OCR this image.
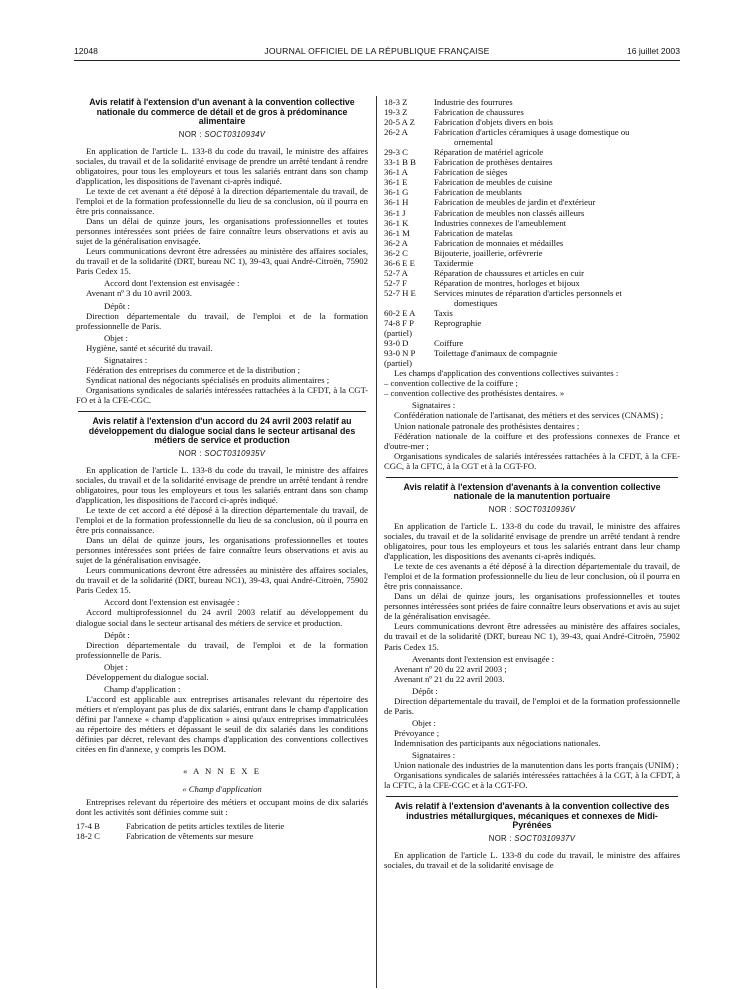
12048	JOURNAL OFFICIEL DE LA RÉPUBLIQUE FRANÇAISE	16 juillet 2003
Avis relatif à l'extension d'un avenant à la convention collective nationale du commerce de détail et de gros à prédominance alimentaire
NOR : SOCT0310934V

En application de l'article L. 133-8 du code du travail, le ministre des affaires sociales, du travail et de la solidarité envisage de prendre un arrêté tendant à rendre obligatoires, pour tous les employeurs et tous les salariés entrant dans son champ d'application, les dispositions de l'avenant ci-après indiqué.

Le texte de cet avenant a été déposé à la direction départementale du travail, de l'emploi et de la formation professionnelle du lieu de sa conclusion, où il pourra en être pris connaissance.

Dans un délai de quinze jours, les organisations professionnelles et toutes personnes intéressées sont priées de faire connaître leurs observations et avis au sujet de la généralisation envisagée.

Leurs communications devront être adressées au ministère des affaires sociales, du travail et de la solidarité (DRT, bureau NC 1), 39-43, quai André-Citroën, 75902 Paris Cedex 15.

Accord dont l'extension est envisagée :

Avenant nº 3 du 10 avril 2003.

Dépôt :

Direction départementale du travail, de l'emploi et de la formation professionnelle de Paris.

Objet :

Hygiène, santé et sécurité du travail.

Signataires :

Fédération des entreprises du commerce et de la distribution ;

Syndicat national des négociants spécialisés en produits alimentaires ;

Organisations syndicales de salariés intéressées rattachées à la CFDT, à la CGT-FO et à la CFE-CGC.

Avis relatif à l'extension d'un accord du 24 avril 2003 relatif au développement du dialogue social dans le secteur artisanal des métiers de service et production
NOR : SOCT0310935V

En application de l'article L. 133-8 du code du travail, le ministre des affaires sociales, du travail et de la solidarité envisage de prendre un arrêté tendant à rendre obligatoires, pour tous les employeurs et tous les salariés entrant dans son champ d'application, les dispositions de l'accord ci-après indiqué.

Le texte de cet accord a été déposé à la direction départementale du travail, de l'emploi et de la formation professionnelle du lieu de sa conclusion, où il pourra en être pris connaissance.

Dans un délai de quinze jours, les organisations professionnelles et toutes personnes intéressées sont priées de faire connaître leurs observations et avis au sujet de la généralisation envisagée.

Leurs communications devront être adressées au ministère des affaires sociales, du travail et de la solidarité (DRT, bureau NC1), 39-43, quai André-Citroën, 75902 Paris Cedex 15.

Accord dont l'extension est envisagée :

Accord multiprofessionnel du 24 avril 2003 relatif au développement du dialogue social dans le secteur artisanal des métiers de service et production.

Dépôt :

Direction départementale du travail, de l'emploi et de la formation professionnelle de Paris.

Objet :

Développement du dialogue social.

Champ d'application :

L'accord est applicable aux entreprises artisanales relevant du répertoire des métiers et n'employant pas plus de dix salariés, entrant dans le champ d'application défini par l'annexe « champ d'application » ainsi qu'aux entreprises immatriculées au répertoire des métiers et dépassant le seuil de dix salariés dans les conditions définies par décret, relevant des champs d'application des conventions collectives citées en fin d'annexe, y compris les DOM.

« A N N E X E
« Champ d'application

Entreprises relevant du répertoire des métiers et occupant moins de dix salariés dont les activités sont définies comme suit :

17-4 B	Fabrication de petits articles textiles de literie
18-2 C	Fabrication de vêtements sur mesure
18-3 Z	Industrie des fourrures
19-3 Z	Fabrication de chaussures
20-5 A Z	Fabrication d'objets divers en bois
26-2 A	Fabrication d'articles céramiques à usage domestique ou
ornemental
29-3 C	Réparation de matériel agricole
33-1 B B	Fabrication de prothèses dentaires
36-1 A	Fabrication de sièges
36-1 E	Fabrication de meubles de cuisine
36-1 G	Fabrication de meublants
36-1 H	Fabrication de meubles de jardin et d'extérieur
36-1 J	Fabrication de meubles non classés ailleurs
36-1 K	Industries connexes de l'ameublement
36-1 M	Fabrication de matelas
36-2 A	Fabrication de monnaies et médailles
36-2 C	Bijouterie, joaillerie, orfèvrerie
36-6 E E	Taxidermie
52-7 A	Réparation de chaussures et articles en cuir
52-7 F	Réparation de montres, horloges et bijoux
52-7 H E	Services minutes de réparation d'articles personnels et
domestiques
60-2 E A	Taxis
74-8 F P	Reprographie
(partiel)
93-0 D	Coiffure
93-0 N P	Toilettage d'animaux de compagnie
(partiel)

Les champs d'application des conventions collectives suivantes :

– convention collective de la coiffure ;

– convention collective des prothésistes dentaires. »

Signataires :

Confédération nationale de l'artisanat, des métiers et des services (CNAMS) ;

Union nationale patronale des prothésistes dentaires ;

Fédération nationale de la coiffure et des professions connexes de France et d'outre-mer ;

Organisations syndicales de salariés intéressées rattachées à la CFDT, à la CFE-CGC, à la CFTC, à la CGT et à la CGT-FO.

Avis relatif à l'extension d'avenants à la convention collective nationale de la manutention portuaire
NOR : SOCT0310936V

En application de l'article L. 133-8 du code du travail, le ministre des affaires sociales, du travail et de la solidarité envisage de prendre un arrêté tendant à rendre obligatoires, pour tous les employeurs et tous les salariés entrant dans leur champ d'application, les dispositions des avenants ci-après indiqués.

Le texte de ces avenants a été déposé à la direction départementale du travail, de l'emploi et de la formation professionnelle du lieu de leur conclusion, où il pourra en être pris connaissance.

Dans un délai de quinze jours, les organisations professionnelles et toutes personnes intéressées sont priées de faire connaître leurs observations et avis au sujet de la généralisation envisagée.

Leurs communications devront être adressées au ministère des affaires sociales, du travail et de la solidarité (DRT, bureau NC 1), 39-43, quai André-Citroën, 75902 Paris Cedex 15.

Avenants dont l'extension est envisagée :

Avenant nº 20 du 22 avril 2003 ;

Avenant nº 21 du 22 avril 2003.

Dépôt :

Direction départementale du travail, de l'emploi et de la formation professionnelle de Paris.

Objet :

Prévoyance ;

Indemnisation des participants aux négociations nationales.

Signataires :

Union nationale des industries de la manutention dans les ports français (UNIM) ;

Organisations syndicales de salariés intéressées rattachées à la CGT, à la CFDT, à la CFTC, à la CFE-CGC et à la CGT-FO.

Avis relatif à l'extension d'avenants à la convention collective des industries métallurgiques, mécaniques et connexes de Midi-Pyrénées
NOR : SOCT0310937V

En application de l'article L. 133-8 du code du travail, le ministre des affaires sociales, du travail et de la solidarité envisage de
